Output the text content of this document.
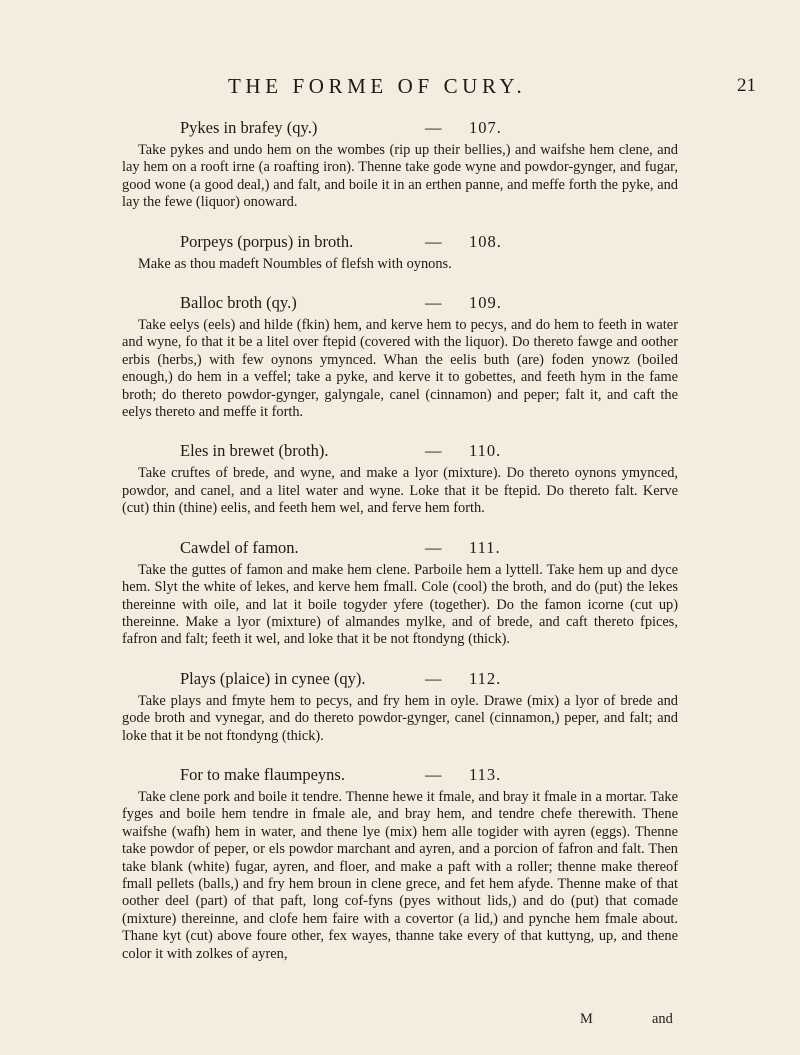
THE FORME OF CURY.	21
Pykes in brafey (qy.)	—	107.

Take pykes and undo hem on the wombes (rip up their bellies,) and waifshe hem clene, and lay hem on a rooft irne (a roafting iron). Thenne take gode wyne and powdor-gynger, and fugar, good wone (a good deal,) and falt, and boile it in an erthen panne, and meffe forth the pyke, and lay the fewe (liquor) onoward.

Porpeys (porpus) in broth.	—	108.

Make as thou madeft Noumbles of flefsh with oynons.

Balloc broth (qy.)	—	109.

Take eelys (eels) and hilde (fkin) hem, and kerve hem to pecys, and do hem to feeth in water and wyne, fo that it be a litel over ftepid (covered with the liquor). Do thereto fawge and oother erbis (herbs,) with few oynons ymynced. Whan the eelis buth (are) foden ynowz (boiled enough,) do hem in a veffel; take a pyke, and kerve it to gobettes, and feeth hym in the fame broth; do thereto powdor-gynger, galyngale, canel (cinnamon) and peper; falt it, and caft the eelys thereto and meffe it forth.

Eles in brewet (broth).	—	110.

Take cruftes of brede, and wyne, and make a lyor (mixture). Do thereto oynons ymynced, powdor, and canel, and a litel water and wyne. Loke that it be ftepid. Do thereto falt. Kerve (cut) thin (thine) eelis, and feeth hem wel, and ferve hem forth.

Cawdel of famon.	—	111.

Take the guttes of famon and make hem clene. Parboile hem a lyttell. Take hem up and dyce hem. Slyt the white of lekes, and kerve hem fmall. Cole (cool) the broth, and do (put) the lekes thereinne with oile, and lat it boile togyder yfere (together). Do the famon icorne (cut up) thereinne. Make a lyor (mixture) of almandes mylke, and of brede, and caft thereto fpices, fafron and falt; feeth it wel, and loke that it be not ftondyng (thick).

Plays (plaice) in cynee (qy).	—	112.

Take plays and fmyte hem to pecys, and fry hem in oyle. Drawe (mix) a lyor of brede and gode broth and vynegar, and do thereto powdor-gynger, canel (cinnamon,) peper, and falt; and loke that it be not ftondyng (thick).

For to make flaumpeyns.	—	113.

Take clene pork and boile it tendre. Thenne hewe it fmale, and bray it fmale in a mortar. Take fyges and boile hem tendre in fmale ale, and bray hem, and tendre chefe therewith. Thene waifshe (wafh) hem in water, and thene lye (mix) hem alle togider with ayren (eggs). Thenne take powdor of peper, or els powdor marchant and ayren, and a porcion of fafron and falt. Then take blank (white) fugar, ayren, and floer, and make a paft with a roller; thenne make thereof fmall pellets (balls,) and fry hem broun in clene grece, and fet hem afyde. Thenne make of that oother deel (part) of that paft, long cof-fyns (pyes without lids,) and do (put) that comade (mixture) thereinne, and clofe hem faire with a covertor (a lid,) and pynche hem fmale about. Thane kyt (cut) above foure other, fex wayes, thanne take every of that kuttyng, up, and thene color it with zolkes of ayren,

M	and
